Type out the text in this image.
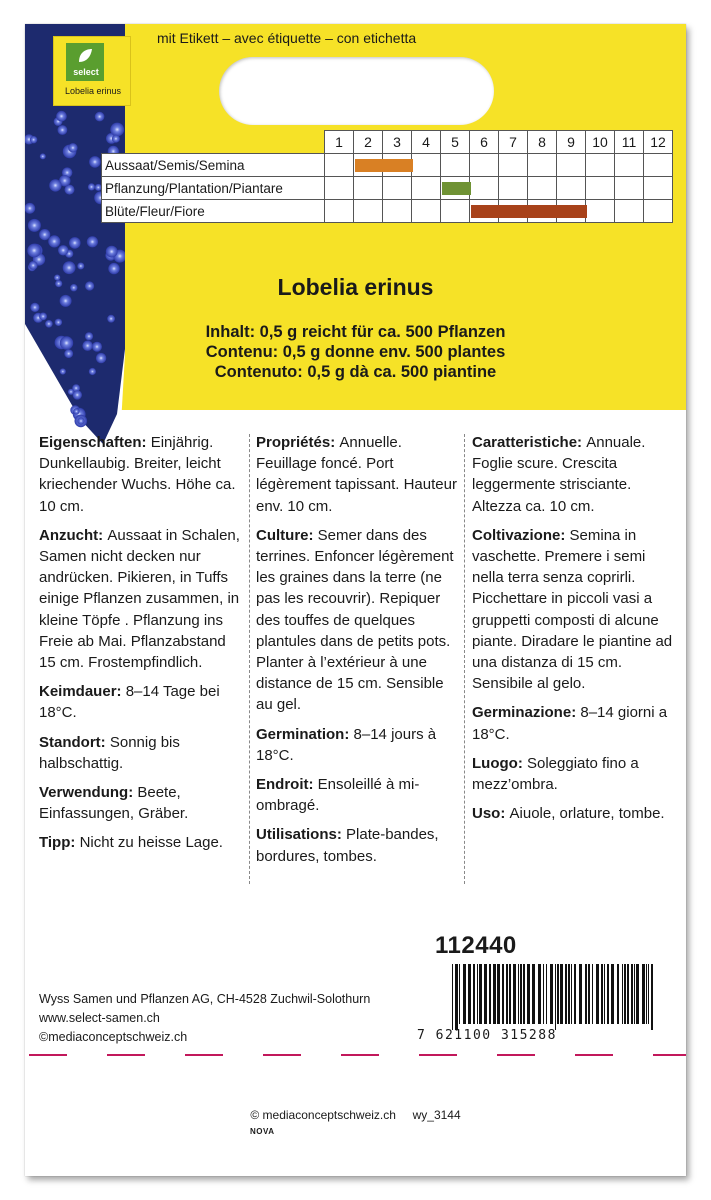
mit Etikett – avec étiquette – con etichetta
select
Lobelia erinus
	1	2	3	4	5	6	7	8	9	10	11	12
Aussaat/Semis/Semina												
Pflanzung/Plantation/Piantare												
Blüte/Fleur/Fiore												
Lobelia erinus
Inhalt: 0,5 g reicht für ca. 500 Pflanzen
Contenu: 0,5 g donne env. 500 plantes
Contenuto: 0,5 g dà ca. 500 piantine

Eigenschaften: Einjährig. Dunkellaubig. Breiter, leicht kriechender Wuchs. Höhe ca. 10 cm.

Anzucht: Aussaat in Schalen, Samen nicht decken nur andrücken. Pikieren, in Tuffs einige Pflanzen zusammen, in kleine Töpfe . Pflanzung ins Freie ab Mai. Pflanzabstand 15 cm. Frostempfindlich.

Keimdauer: 8–14 Tage bei 18°C.

Standort: Sonnig bis halbschattig.

Verwendung: Beete, Einfassungen, Gräber.

Tipp: Nicht zu heisse Lage.

Propriétés: Annuelle. Feuillage foncé. Port légèrement tapissant. Hauteur env. 10 cm.

Culture: Semer dans des terrines. Enfoncer légèrement les graines dans la terre (ne pas les recouvrir). Repiquer des touffes de quelques plantules dans de petits pots. Planter à l’extérieur à une distance de 15 cm. Sensible au gel.

Germination: 8–14 jours à 18°C.

Endroit: Ensoleillé à mi-ombragé.

Utilisations: Plate-bandes, bordures, tombes.

Caratteristiche: Annuale. Foglie scure. Crescita leggermente strisciante. Altezza ca. 10 cm.

Coltivazione: Semina in vaschette. Premere i semi nella terra senza coprirli. Picchettare in piccoli vasi a gruppetti composti di alcune piante. Diradare le piantine ad una distanza di 15 cm. Sensibile al gelo.

Germinazione: 8–14 giorni a 18°C.

Luogo: Soleggiato fino a mezz’ombra.

Uso: Aiuole, orlature, tombe.

112440
7 621100 315288
Wyss Samen und Pflanzen AG, CH-4528 Zuchwil-Solothurn
www.select-samen.ch
©mediaconceptschweiz.ch
© mediaconceptschweiz.ch     wy_3144
NOVA
